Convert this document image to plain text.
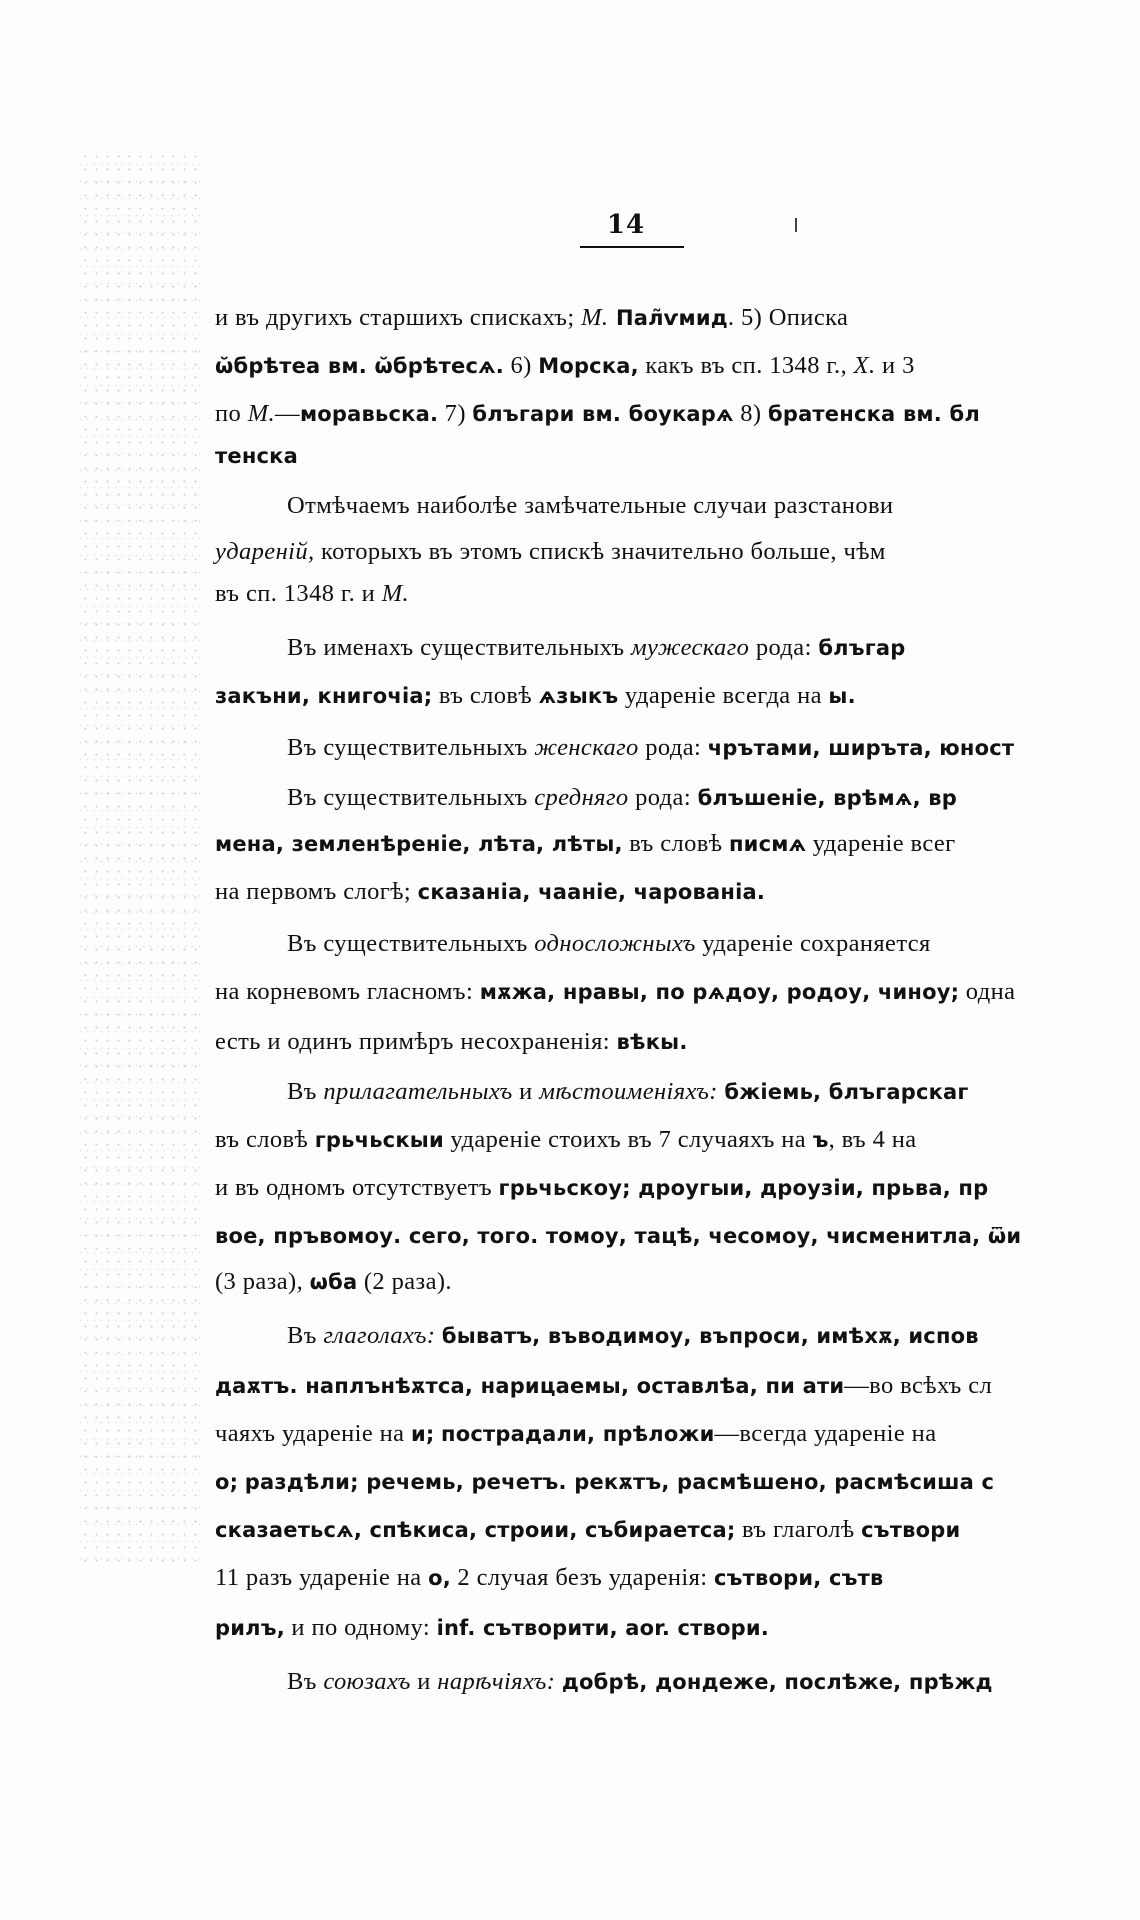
14
и въ другихъ старшихъ спискахъ; М. Пал̃ѵмид. 5) Описка
ѡ̆брѣтеа вм. ѡ̆брѣтесѧ. 6) Морска, какъ въ сп. 1348 г., Х. и 3
по М.—моравьска. 7) блъгари вм. боукарѧ 8) братенска вм. бл
тенска
Отмѣчаемъ наиболѣе замѣчательные случаи разстанови
ударенiй, которыхъ въ этомъ спискѣ значительно больше, чѣм
въ сп. 1348 г. и М.
Въ именахъ существительныхъ мужескаго рода: блъгар
закъни, книгочiа; въ словѣ ѧзыкъ удареніе всегда на ы.
Въ существительныхъ женскаго рода: чрътами, ширъта, юност
Въ существительныхъ средняго рода: блъшенiе, врѣмѧ, вр
мена, земленѣренiе, лѣта, лѣты, въ словѣ писмѧ удареніе всег
на первомъ слогѣ; сказанiа, чаанiе, чарованiа.
Въ существительныхъ односложныхъ удареніе сохраняется
на корневомъ гласномъ: мѫжа, нравы, по рѧдоу, родоу, чиноу; одна
есть и одинъ примѣръ несохраненія: вѣкы.
Въ прилагательныхъ и мѣстоименiяхъ: бжiемь, блъгарскаг
въ словѣ грьчьскыи удареніе стоихъ въ 7 случаяхъ на ъ, въ 4 на
и въ одномъ отсутствуетъ грьчьскоу; дроугыи, дроузiи, прьва, пр
вое, пръвомоу. сего, того. томоу, тацѣ, чесомоу, чисменитла, ѿи
(3 раза), ѡба (2 раза).
Въ глаголахъ: быватъ, въводимоу, въпроси, имѣхѫ, испов
даѫтъ. наплънѣѫтса, нарицаемы, оставлѣа, пи ати—во всѣхъ сл
чаяхъ удареніе на и; пострадали, прѣложи—всегда удареніе на
о; раздѣли; речемь, речетъ. рекѫтъ, расмѣшено, расмѣсиша с
сказаетьсѧ, спѣкиса, строии, събираетса; въ глаголѣ сътвори
11 разъ удареніе на о, 2 случая безъ ударенія: сътвори, сътв
рилъ, и по одному: inf. сътворити, aor. створи.
Въ союзахъ и нарѣчiяхъ: добрѣ, дондеже, послѣже, прѣжд
